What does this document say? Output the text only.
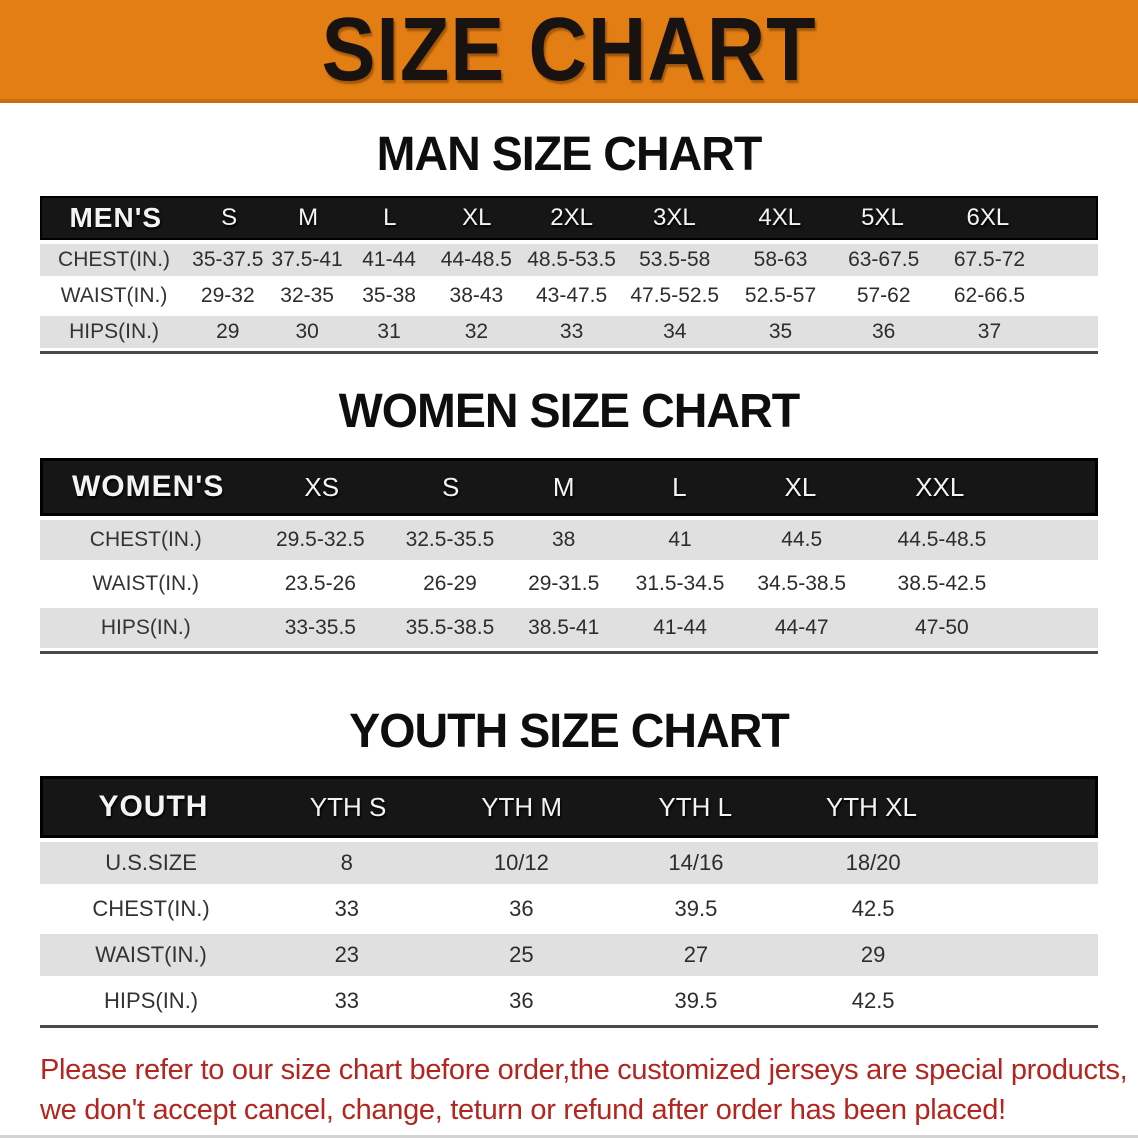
SIZE CHART
MAN SIZE CHART
MEN'S	S	M	L	XL	2XL	3XL	4XL	5XL	6XL
CHEST(IN.)	35-37.5 37.5-41 41-44	44-48.5 48.5-53.5	53.5-58	58-63	63-67.5	67.5-72
WAIST(IN.)	29-32	32-35	35-38	38-43	43-47.5	47.5-52.5	52.5-57	57-62	62-66.5
HIPS(IN.)	29	30	31	32	33	34	35	36	37
WOMEN SIZE CHART
WOMEN'S	XS	S	M	L	XL	XXL
CHEST(IN.)	29.5-32.5	32.5-35.5	38	41	44.5	44.5-48.5
WAIST(IN.)	23.5-26	26-29	29-31.5	31.5-34.5	34.5-38.5	38.5-42.5
HIPS(IN.)	33-35.5	35.5-38.5	38.5-41	41-44	44-47	47-50
YOUTH SIZE CHART
YOUTH	YTH S	YTH M	YTH L	YTH XL
U.S.SIZE	8	10/12	14/16	18/20
CHEST(IN.)	33	36	39.5	42.5
WAIST(IN.)	23	25	27	29
HIPS(IN.)	33	36	39.5	42.5

Please refer to our size chart before order,the customized jerseys are special products,

we don't accept cancel, change, teturn or refund after order has been placed!
